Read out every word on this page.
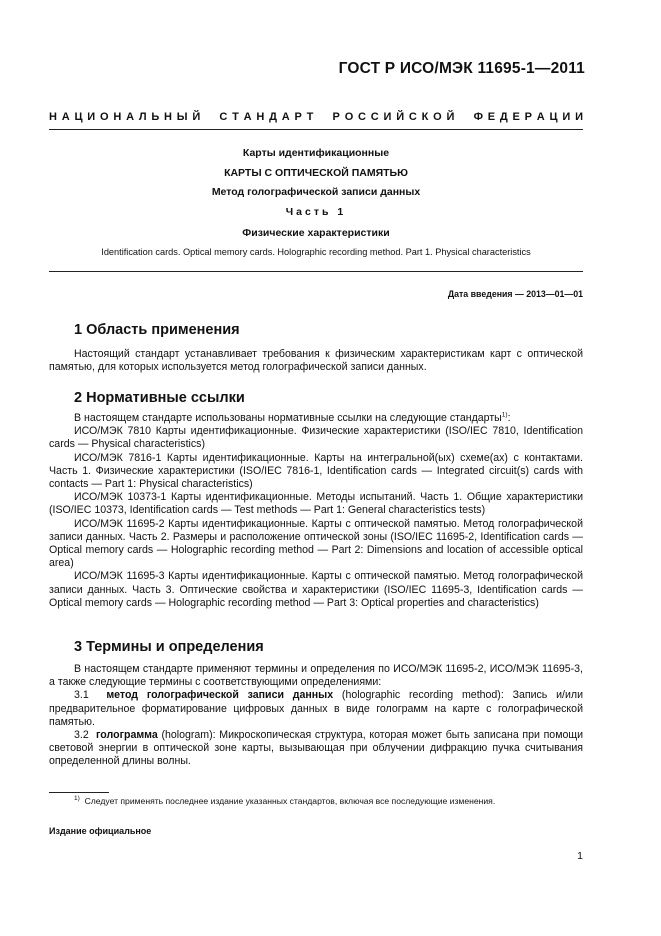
ГОСТ Р ИСО/МЭК 11695-1—2011
Н А Ц И О Н А Л Ь Н Ы Й    С Т А Н Д А Р Т    Р О С С И Й С К О Й    Ф Е Д Е Р А Ц И И
Карты идентификационные
КАРТЫ С ОПТИЧЕСКОЙ ПАМЯТЬЮ
Метод голографической записи данных
Часть 1
Физические характеристики
Identification cards. Optical memory cards. Holographic recording method. Part 1. Physical characteristics
Дата введения — 2013—01—01
1 Область применения

Настоящий стандарт устанавливает требования к физическим характеристикам карт с оптической памятью, для которых используется метод голографической записи данных.

2 Нормативные ссылки

В настоящем стандарте использованы нормативные ссылки на следующие стандарты$^{1)}$:

ИСО/МЭК 7810 Карты идентификационные. Физические характеристики (ISO/IEC 7810, Identification cards — Physical characteristics)

ИСО/МЭК 7816-1 Карты идентификационные. Карты на интегральной(ых) схеме(ах) с контактами. Часть 1. Физические характеристики (ISO/IEC 7816-1, Identification cards — Integrated circuit(s) cards with contacts — Part 1: Physical characteristics)

ИСО/МЭК 10373-1 Карты идентификационные. Методы испытаний. Часть 1. Общие характеристики (ISO/IEC 10373, Identification cards — Test methods — Part 1: General characteristics tests)

ИСО/МЭК 11695-2 Карты идентификационные. Карты с оптической памятью. Метод голографической записи данных. Часть 2. Размеры и расположение оптической зоны (ISO/IEC 11695-2, Identification cards — Optical memory cards — Holographic recording method — Part 2: Dimensions and location of accessible optical area)

ИСО/МЭК 11695-3 Карты идентификационные. Карты с оптической памятью. Метод голографической записи данных. Часть 3. Оптические свойства и характеристики (ISO/IEC 11695-3, Identification cards — Optical memory cards — Holographic recording method — Part 3: Optical properties and characteristics)

3 Термины и определения

В настоящем стандарте применяют термины и определения по ИСО/МЭК 11695-2, ИСО/МЭК 11695-3, а также следующие термины с соответствующими определениями:

3.1 метод голографической записи данных (holographic recording method): Запись и/или предварительное форматирование цифровых данных в виде голограмм на карте с голографической памятью.

3.2 голограмма (hologram): Микроскопическая структура, которая может быть записана при помощи световой энергии в оптической зоне карты, вызывающая при облучении дифракцию пучка считывания определенной длины волны.

$^{1)}$ Следует применять последнее издание указанных стандартов, включая все последующие изменения.
Издание официальное
1
